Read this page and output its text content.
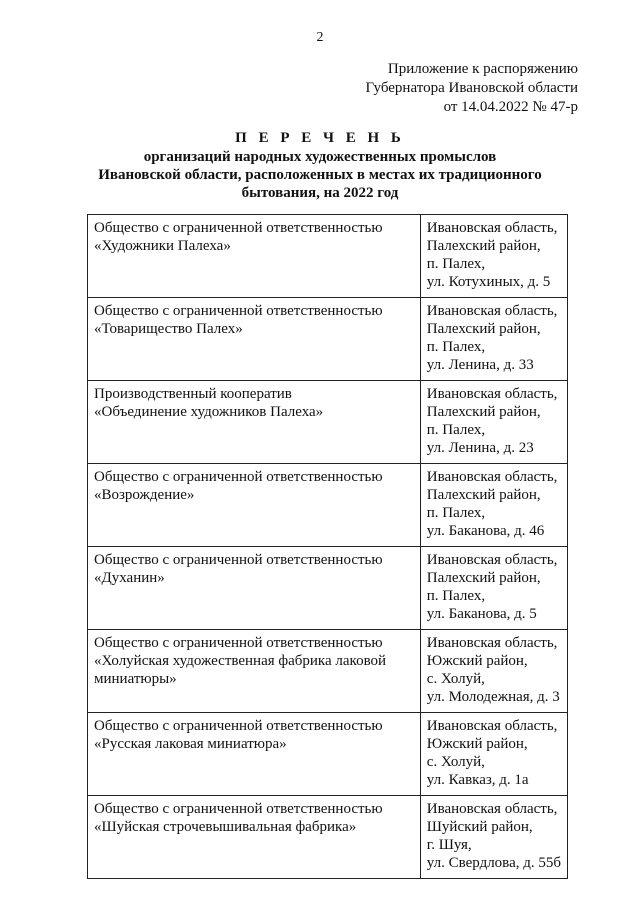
2
Приложение к распоряжению
Губернатора Ивановской области
от 14.04.2022 № 47-р
П Е Р Е Ч Е Н Ь
организаций народных художественных промыслов
Ивановской области, расположенных в местах их традиционного
бытования, на 2022 год
Общество с ограниченной ответственностью
«Художники Палеха»	Ивановская область,
Палехский район,
п. Палех,
ул. Котухиных, д. 5

Общество с ограниченной ответственностью
«Товарищество Палех»	Ивановская область,
Палехский район,
п. Палех,
ул. Ленина, д. 33

Производственный кооператив
«Объединение художников Палеха»	Ивановская область,
Палехский район,
п. Палех,
ул. Ленина, д. 23

Общество с ограниченной ответственностью
«Возрождение»	Ивановская область,
Палехский район,
п. Палех,
ул. Баканова, д. 46

Общество с ограниченной ответственностью
«Духанин»	Ивановская область,
Палехский район,
п. Палех,
ул. Баканова, д. 5

Общество с ограниченной ответственностью
«Холуйская художественная фабрика лаковой
миниатюры»	Ивановская область,
Южский район,
с. Холуй,
ул. Молодежная, д. 3

Общество с ограниченной ответственностью
«Русская лаковая миниатюра»	Ивановская область,
Южский район,
с. Холуй,
ул. Кавказ, д. 1а

Общество с ограниченной ответственностью
«Шуйская строчевышивальная фабрика»	Ивановская область,
Шуйский район,
г. Шуя,
ул. Свердлова, д. 55б
